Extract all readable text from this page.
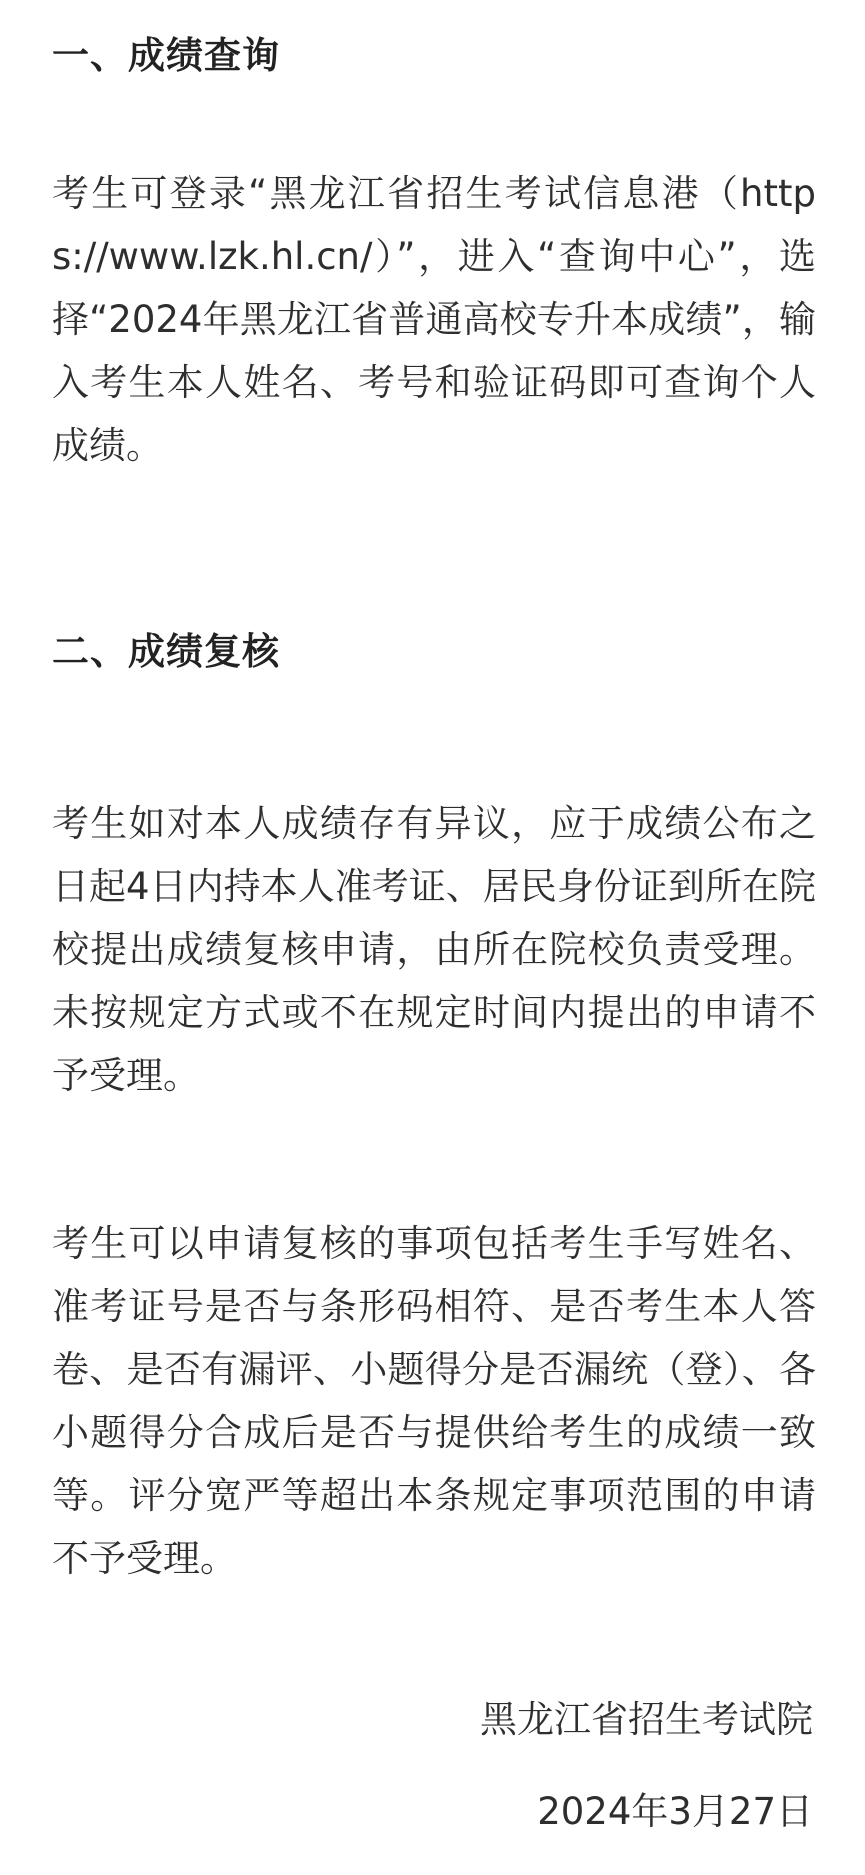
一、成绩查询

考生可登录“黑龙江省招生考试信息港（https://www.lzk.hl.cn/）”，进入“查询中心”，选择“2024年黑龙江省普通高校专升本成绩”，输入考生本人姓名、考号和验证码即可查询个人成绩。

二、成绩复核

考生如对本人成绩存有异议，应于成绩公布之日起4日内持本人准考证、居民身份证到所在院校提出成绩复核申请，由所在院校负责受理。未按规定方式或不在规定时间内提出的申请不予受理。

考生可以申请复核的事项包括考生手写姓名、准考证号是否与条形码相符、是否考生本人答卷、是否有漏评、小题得分是否漏统（登）、各小题得分合成后是否与提供给考生的成绩一致等。评分宽严等超出本条规定事项范围的申请不予受理。

黑龙江省招生考试院

2024年3月27日
